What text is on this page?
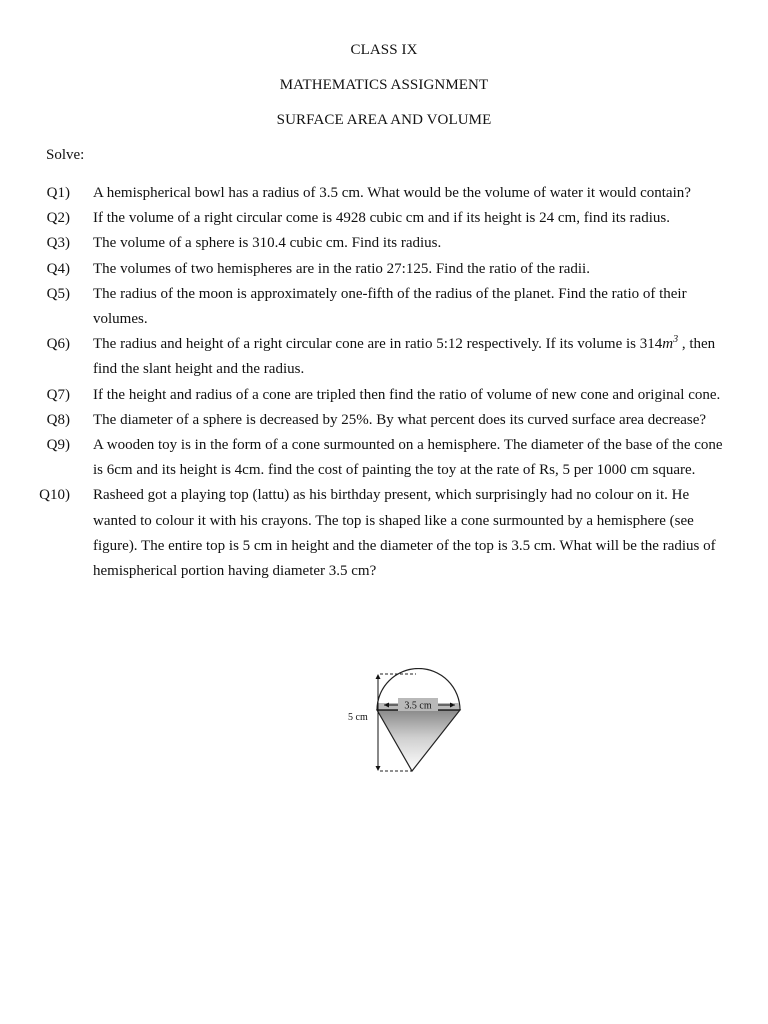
CLASS IX
MATHEMATICS ASSIGNMENT
SURFACE AREA AND VOLUME
Solve:
Q1) A hemispherical bowl has a radius of 3.5 cm. What would be the volume of water it would contain?
Q2) If the volume of a right circular come is 4928 cubic cm and if its height is 24 cm, find its radius.
Q3) The volume of a sphere is 310.4 cubic cm. Find its radius.
Q4) The volumes of two hemispheres are in the ratio 27:125. Find the ratio of the radii.
Q5) The radius of the moon is approximately one-fifth of the radius of the planet. Find the ratio of their volumes.
Q6) The radius and height of a right circular cone are in ratio 5:12 respectively. If its volume is $314m^3$ , then find the slant height and the radius.
Q7) If the height and radius of a cone are tripled then find the ratio of volume of new cone and original cone.
Q8) The diameter of a sphere is decreased by 25%. By what percent does its curved surface area decrease?
Q9) A wooden toy is in the form of a cone surmounted on a hemisphere. The diameter of the base of the cone is 6cm and its height is 4cm. find the cost of painting the toy at the rate of Rs, 5 per 1000 cm square.
Q10) Rasheed got a playing top (lattu) as his birthday present, which surprisingly had no colour on it. He wanted to colour it with his crayons. The top is shaped like a cone surmounted by a hemisphere (see figure). The entire top is 5 cm in height and the diameter of the top is 3.5 cm. What will be the radius of hemispherical portion having diameter 3.5 cm?
3.5 cm
5 cm
